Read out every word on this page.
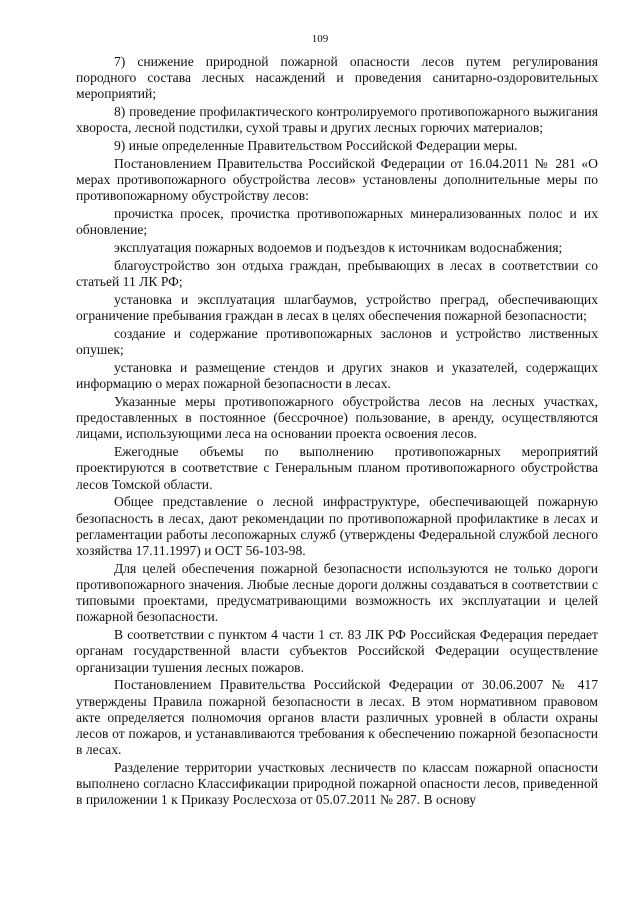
109

7) снижение природной пожарной опасности лесов путем регулирования породного состава лесных насаждений и проведения санитарно-оздоровительных мероприятий;

8) проведение профилактического контролируемого противопожарного выжигания хвороста, лесной подстилки, сухой травы и других лесных горючих материалов;

9) иные определенные Правительством Российской Федерации меры.

Постановлением Правительства Российской Федерации от 16.04.2011 № 281 «О мерах противопожарного обустройства лесов» установлены дополнительные меры по противопожарному обустройству лесов:

прочистка просек, прочистка противопожарных минерализованных полос и их обновление;

эксплуатация пожарных водоемов и подъездов к источникам водоснабжения;

благоустройство зон отдыха граждан, пребывающих в лесах в соответствии со статьей 11 ЛК РФ;

установка и эксплуатация шлагбаумов, устройство преград, обеспечивающих ограничение пребывания граждан в лесах в целях обеспечения пожарной безопасности;

создание и содержание противопожарных заслонов и устройство лиственных опушек;

установка и размещение стендов и других знаков и указателей, содержащих информацию о мерах пожарной безопасности в лесах.

Указанные меры противопожарного обустройства лесов на лесных участках, предоставленных в постоянное (бессрочное) пользование, в аренду, осуществляются лицами, использующими леса на основании проекта освоения лесов.

Ежегодные объемы по выполнению противопожарных мероприятий проектируются в соответствие с Генеральным планом противопожарного обустройства лесов Томской области.

Общее представление о лесной инфраструктуре, обеспечивающей пожарную безопасность в лесах, дают рекомендации по противопожарной профилактике в лесах и регламентации работы лесопожарных служб (утверждены Федеральной службой лесного хозяйства 17.11.1997) и ОСТ 56-103-98.

Для целей обеспечения пожарной безопасности используются не только дороги противопожарного значения. Любые лесные дороги должны создаваться в соответствии с типовыми проектами, предусматривающими возможность их эксплуатации и целей пожарной безопасности.

В соответствии с пунктом 4 части 1 ст. 83 ЛК РФ Российская Федерация передает органам государственной власти субъектов Российской Федерации осуществление организации тушения лесных пожаров.

Постановлением Правительства Российской Федерации от 30.06.2007 № 417 утверждены Правила пожарной безопасности в лесах. В этом нормативном правовом акте определяется полномочия органов власти различных уровней в области охраны лесов от пожаров, и устанавливаются требования к обеспечению пожарной безопасности в лесах.

Разделение территории участковых лесничеств по классам пожарной опасности выполнено согласно Классификации природной пожарной опасности лесов, приведенной в приложении 1 к Приказу Рослесхоза от 05.07.2011 № 287. В основу
